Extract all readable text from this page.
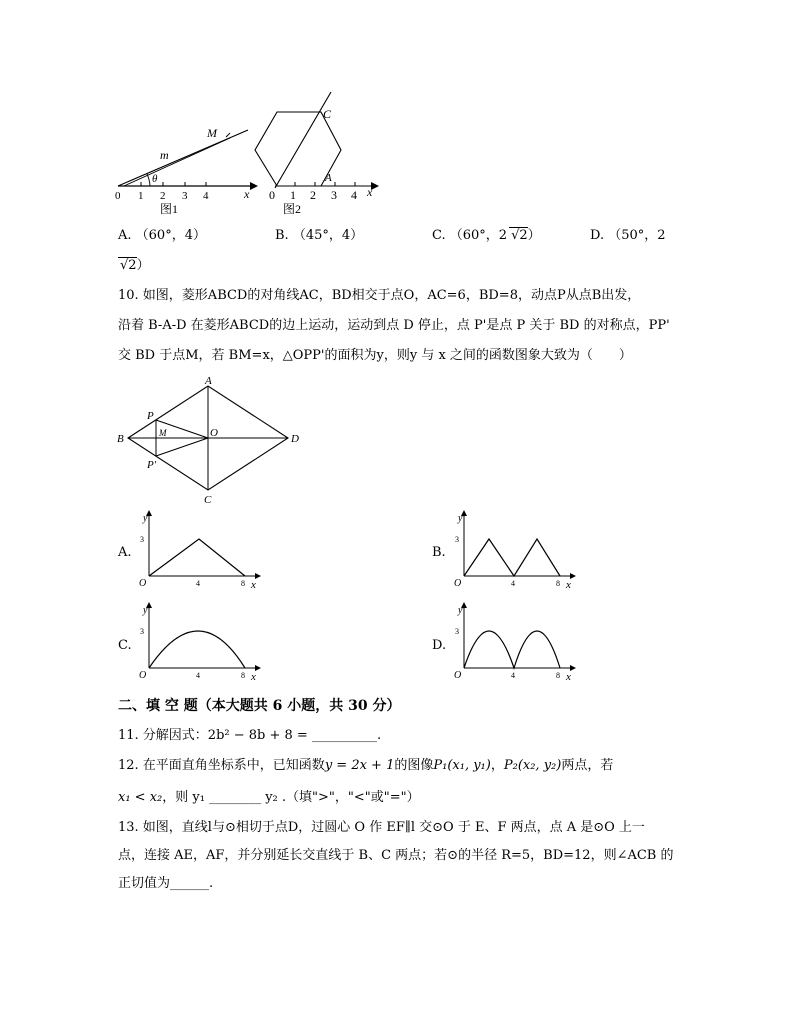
m
M
θ
x
0 1 2 3 4
图1
C
A
x
0 1 2 3 4
图2
A. （60°，4）	B. （45°，4）	C. （60°，2 √2）	D. （50°，2
√2）
10. 如图，菱形ABCD的对角线AC，BD相交于点O，AC=6，BD=8，动点P从点B出发，
沿着 B-A-D 在菱形ABCD的边上运动，运动到点 D 停止，点 P'是点 P 关于 BD 的对称点，PP'
交 BD 于点M，若 BM=x，△OPP'的面积为y，则y 与 x 之间的函数图象大致为（　　）
A
B
C
D
O
P
M
P'
A.	B.
C.	D.
y
3
O	4	8 x
y
3
O	4	8 x
y
3
O	4	8 x
y
3
O	4	8 x
二、填 空 题（本大题共 6 小题，共 30 分）
11. 分解因式：2b² − 8b + 8 = __________.
12. 在平面直角坐标系中，已知函数y = 2x + 1的图像P₁(x₁, y₁)，P₂(x₂, y₂)两点，若
x₁ < x₂，则 y₁ ________ y₂ .（填">"，"<"或"="）
13. 如图，直线l与⊙相切于点D，过圆心 O 作 EF∥l 交⊙O 于 E、F 两点，点 A 是⊙O 上一
点，连接 AE，AF，并分别延长交直线于 B、C 两点；若⊙的半径 R=5，BD=12，则∠ACB 的
正切值为______.
